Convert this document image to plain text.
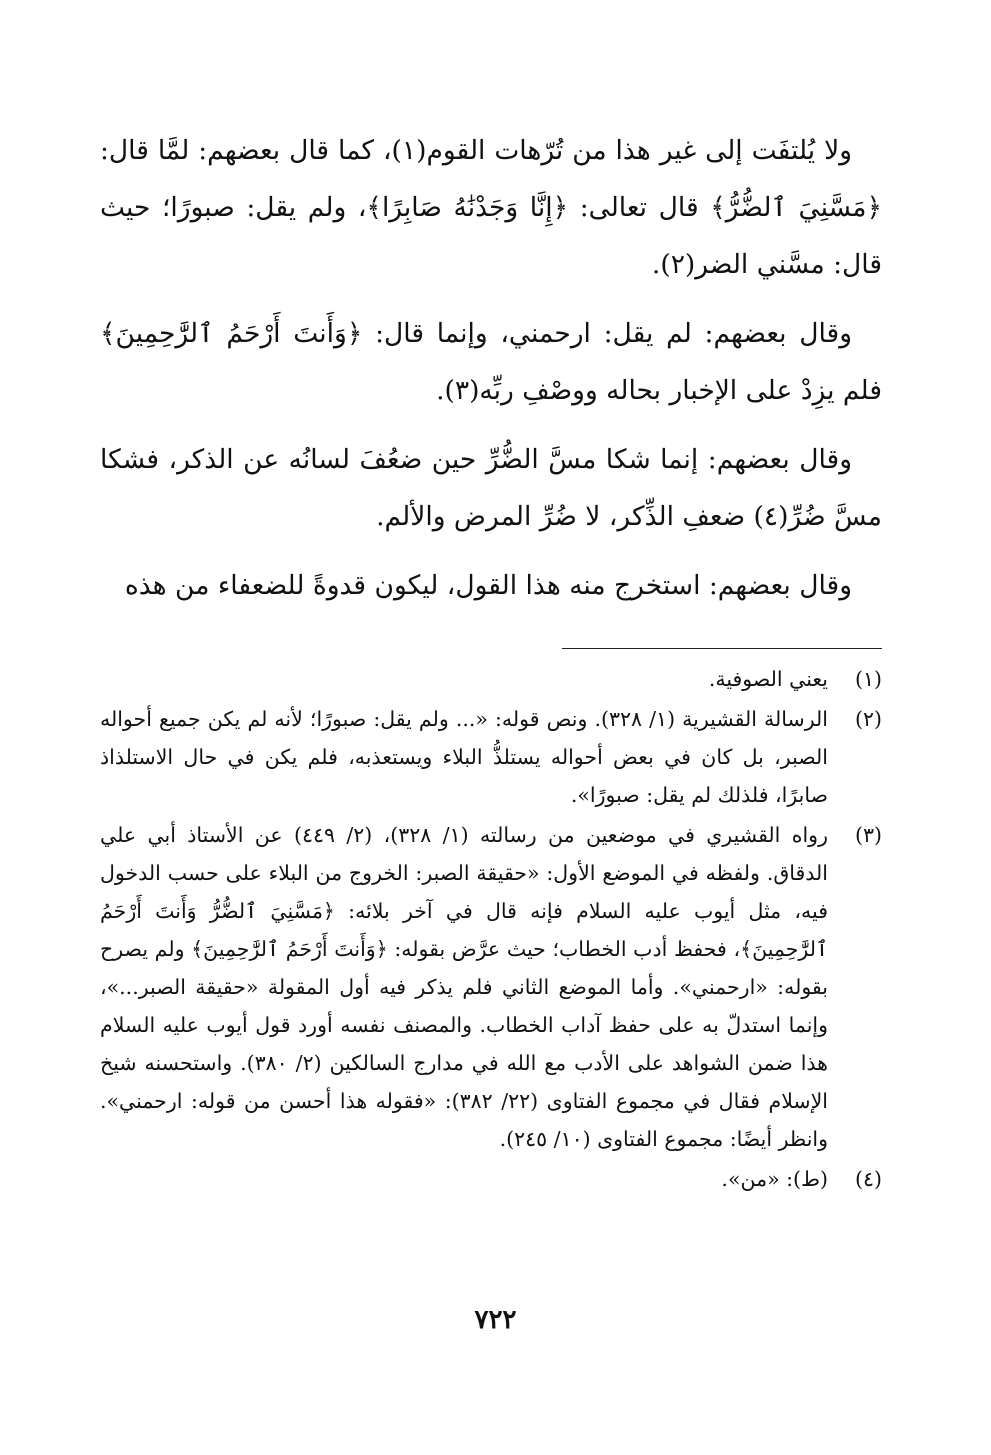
ولا يُلتفَت إلى غير هذا من تُرّهات القوم(١)، كما قال بعضهم: لمَّا قال: ﴿مَسَّنِيَ ٱلضُّرُّ﴾ قال تعالى: ﴿إِنَّا وَجَدْنَٰهُ صَابِرًا﴾، ولم يقل: صبورًا؛ حيث قال: مسَّني الضر(٢).

وقال بعضهم: لم يقل: ارحمني، وإنما قال: ﴿وَأَنتَ أَرْحَمُ ٱلرَّٰحِمِينَ﴾ فلم يزِدْ على الإخبار بحاله ووصْفِ ربِّه(٣).

وقال بعضهم: إنما شكا مسَّ الضُّرِّ حين ضعُفَ لسانُه عن الذكر، فشكا مسَّ ضُرِّ(٤) ضعفِ الذِّكر، لا ضُرِّ المرض والألم.

وقال بعضهم: استخرج منه هذا القول، ليكون قدوةً للضعفاء من هذه

(١)
يعني الصوفية.
(٢)
الرسالة القشيرية (١/ ٣٢٨). ونص قوله: «... ولم يقل: صبورًا؛ لأنه لم يكن جميع أحواله الصبر، بل كان في بعض أحواله يستلذُّ البلاء ويستعذبه، فلم يكن في حال الاستلذاذ صابرًا، فلذلك لم يقل: صبورًا».
(٣)
رواه القشيري في موضعين من رسالته (١/ ٣٢٨)، (٢/ ٤٤٩) عن الأستاذ أبي علي الدقاق. ولفظه في الموضع الأول: «حقيقة الصبر: الخروج من البلاء على حسب الدخول فيه، مثل أيوب عليه السلام فإنه قال في آخر بلائه: ﴿مَسَّنِيَ ٱلضُّرُّ وَأَنتَ أَرْحَمُ ٱلرَّٰحِمِينَ﴾، فحفظ أدب الخطاب؛ حيث عرَّض بقوله: ﴿وَأَنتَ أَرْحَمُ ٱلرَّٰحِمِينَ﴾ ولم يصرح بقوله: «ارحمني». وأما الموضع الثاني فلم يذكر فيه أول المقولة «حقيقة الصبر...»، وإنما استدلّ به على حفظ آداب الخطاب. والمصنف نفسه أورد قول أيوب عليه السلام هذا ضمن الشواهد على الأدب مع الله في مدارج السالكين (٢/ ٣٨٠). واستحسنه شيخ الإسلام فقال في مجموع الفتاوى (٢٢/ ٣٨٢): «فقوله هذا أحسن من قوله: ارحمني». وانظر أيضًا: مجموع الفتاوى (١٠/ ٢٤٥).
(٤)
(ط): «من».
٧٢٢
